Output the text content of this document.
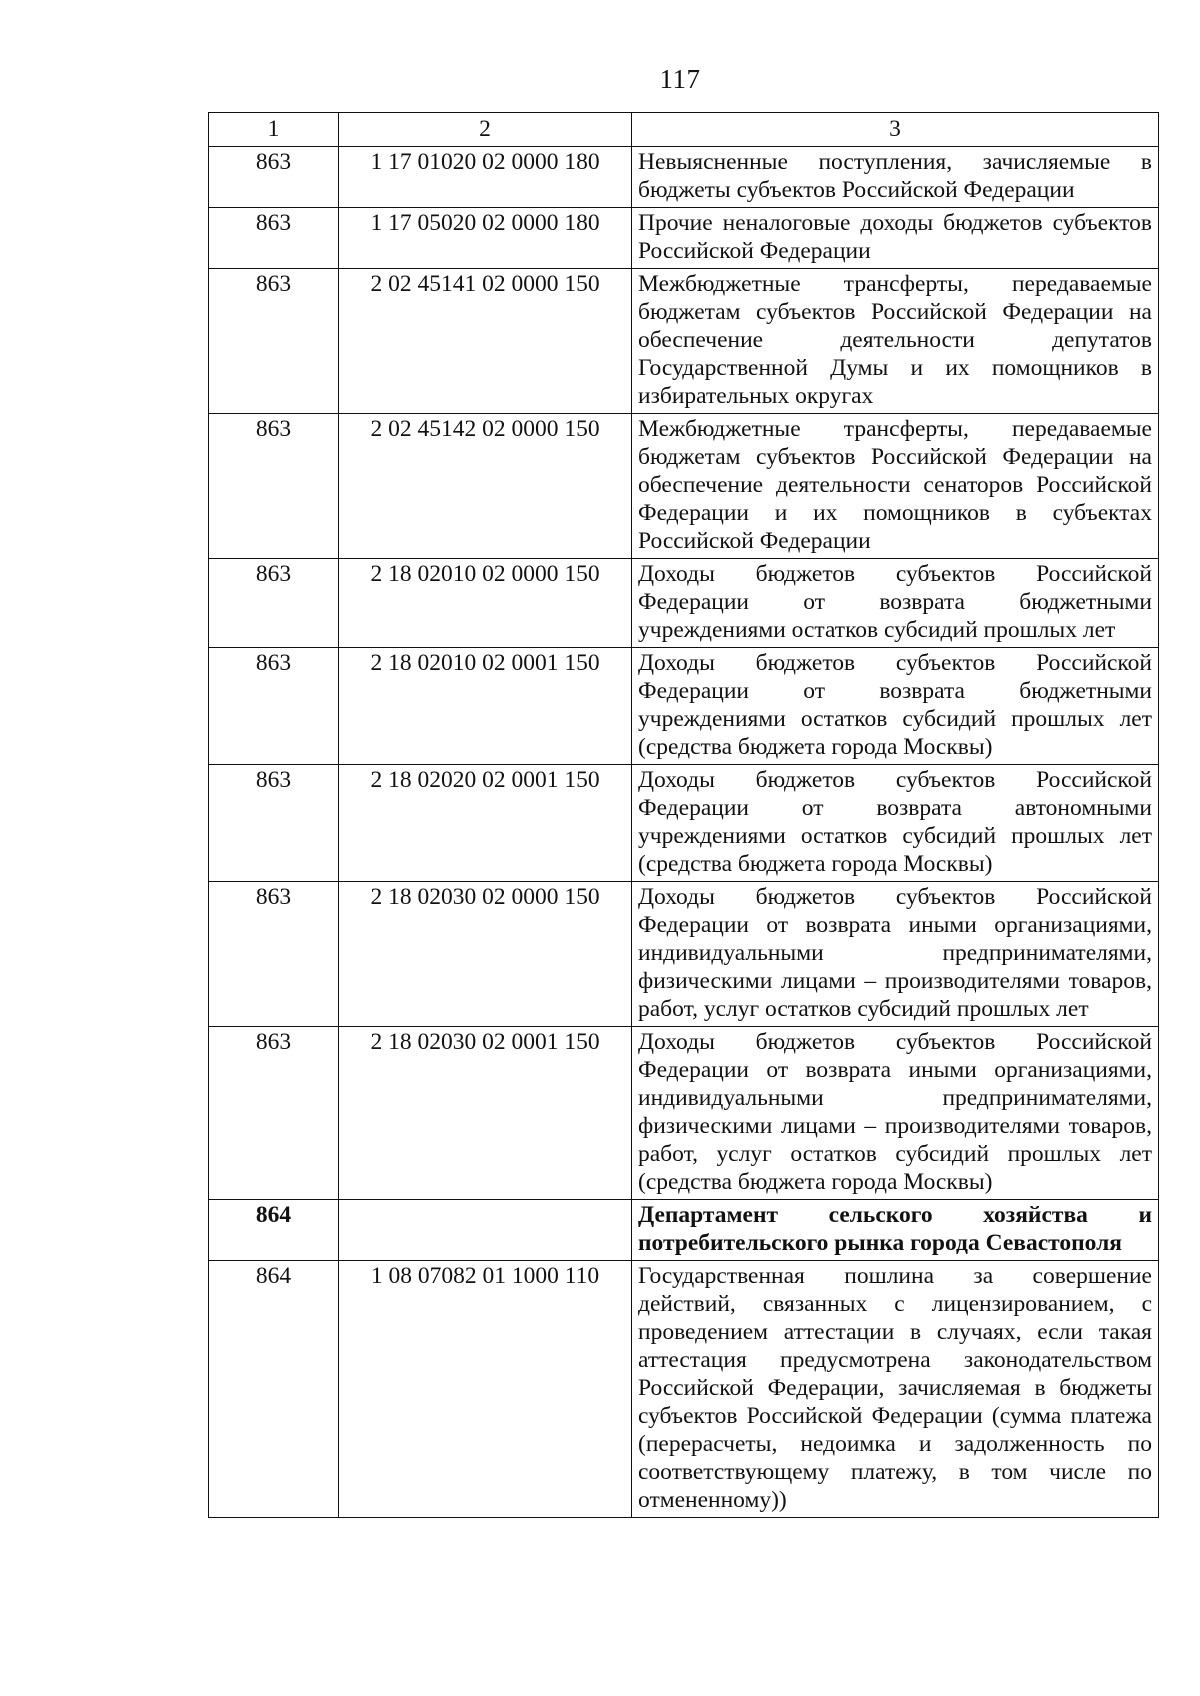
117
1	2	3
863	1 17 01020 02 0000 180	Невыясненные поступления, зачисляемые в бюджеты субъектов Российской Федерации
863	1 17 05020 02 0000 180	Прочие неналоговые доходы бюджетов субъектов Российской Федерации
863	2 02 45141 02 0000 150	Межбюджетные трансферты, передаваемые бюджетам субъектов Российской Федерации на обеспечение деятельности депутатов Государственной Думы и их помощников в избирательных округах
863	2 02 45142 02 0000 150	Межбюджетные трансферты, передаваемые бюджетам субъектов Российской Федерации на обеспечение деятельности сенаторов Российской Федерации и их помощников в субъектах Российской Федерации
863	2 18 02010 02 0000 150	Доходы бюджетов субъектов Российской Федерации от возврата бюджетными учреждениями остатков субсидий прошлых лет
863	2 18 02010 02 0001 150	Доходы бюджетов субъектов Российской Федерации от возврата бюджетными учреждениями остатков субсидий прошлых лет (средства бюджета города Москвы)
863	2 18 02020 02 0001 150	Доходы бюджетов субъектов Российской Федерации от возврата автономными учреждениями остатков субсидий прошлых лет (средства бюджета города Москвы)
863	2 18 02030 02 0000 150	Доходы бюджетов субъектов Российской Федерации от возврата иными организациями, индивидуальными предпринимателями, физическими лицами – производителями товаров, работ, услуг остатков субсидий прошлых лет
863	2 18 02030 02 0001 150	Доходы бюджетов субъектов Российской Федерации от возврата иными организациями, индивидуальными предпринимателями, физическими лицами – производителями товаров, работ, услуг остатков субсидий прошлых лет (средства бюджета города Москвы)
864		Департамент сельского хозяйства и потребительского рынка города Севастополя
864	1 08 07082 01 1000 110	Государственная пошлина за совершение действий, связанных с лицензированием, с проведением аттестации в случаях, если такая аттестация предусмотрена законодательством Российской Федерации, зачисляемая в бюджеты субъектов Российской Федерации (сумма платежа (перерасчеты, недоимка и задолженность по соответствующему платежу, в том числе по отмененному))
